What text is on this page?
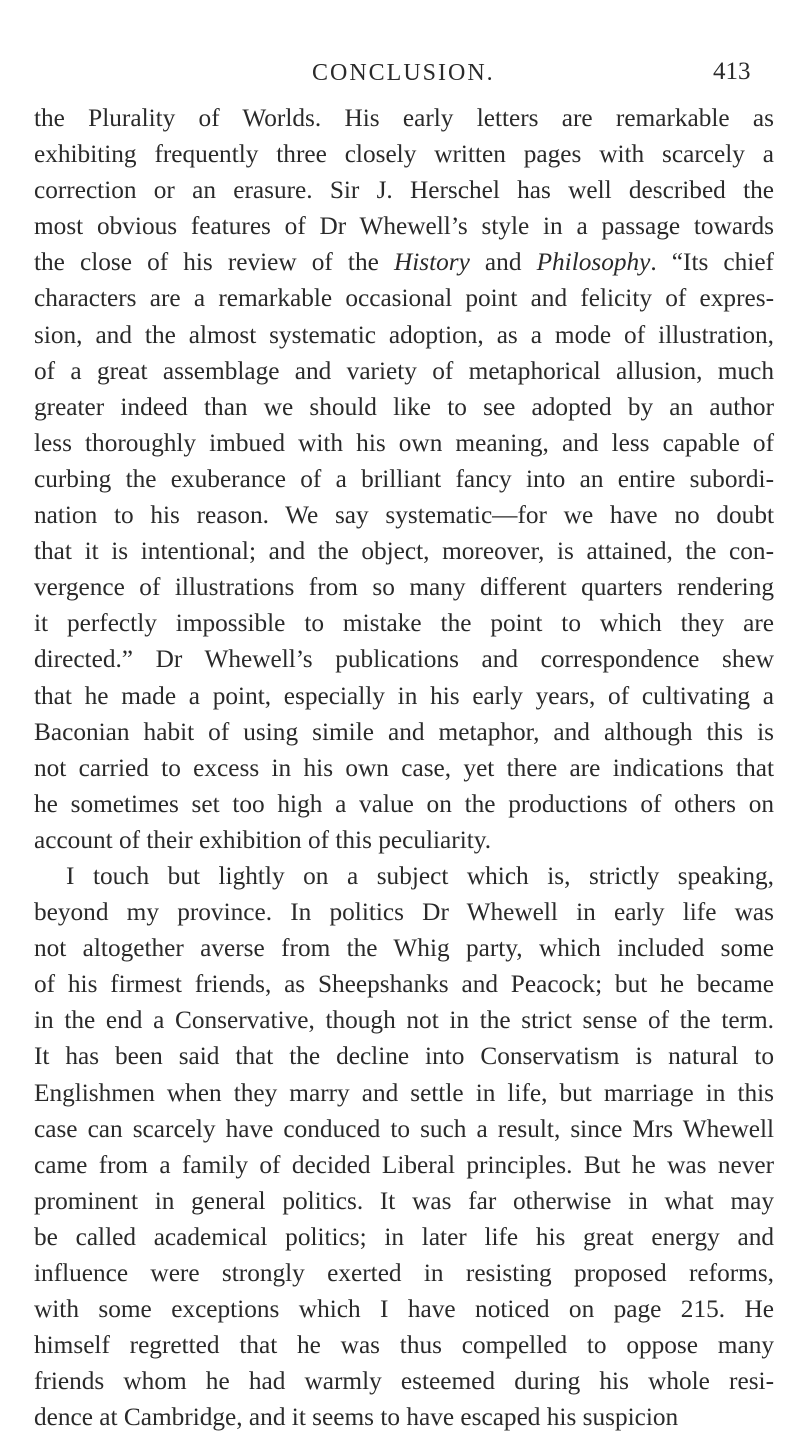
CONCLUSION.	413
the Plurality of Worlds. His early letters are remarkable as
exhibiting frequently three closely written pages with scarcely a
correction or an erasure. Sir J. Herschel has well described the
most obvious features of Dr Whewell’s style in a passage towards
the close of his review of the History and Philosophy. “Its chief
characters are a remarkable occasional point and felicity of expres-
sion, and the almost systematic adoption, as a mode of illustration,
of a great assemblage and variety of metaphorical allusion, much
greater indeed than we should like to see adopted by an author
less thoroughly imbued with his own meaning, and less capable of
curbing the exuberance of a brilliant fancy into an entire subordi-
nation to his reason. We say systematic—for we have no doubt
that it is intentional; and the object, moreover, is attained, the con-
vergence of illustrations from so many different quarters rendering
it perfectly impossible to mistake the point to which they are
directed.” Dr Whewell’s publications and correspondence shew
that he made a point, especially in his early years, of cultivating a
Baconian habit of using simile and metaphor, and although this is
not carried to excess in his own case, yet there are indications that
he sometimes set too high a value on the productions of others on
account of their exhibition of this peculiarity.
I touch but lightly on a subject which is, strictly speaking,
beyond my province. In politics Dr Whewell in early life was
not altogether averse from the Whig party, which included some
of his firmest friends, as Sheepshanks and Peacock; but he became
in the end a Conservative, though not in the strict sense of the term.
It has been said that the decline into Conservatism is natural to
Englishmen when they marry and settle in life, but marriage in this
case can scarcely have conduced to such a result, since Mrs Whewell
came from a family of decided Liberal principles. But he was never
prominent in general politics. It was far otherwise in what may
be called academical politics; in later life his great energy and
influence were strongly exerted in resisting proposed reforms,
with some exceptions which I have noticed on page 215. He
himself regretted that he was thus compelled to oppose many
friends whom he had warmly esteemed during his whole resi-
dence at Cambridge, and it seems to have escaped his suspicion
